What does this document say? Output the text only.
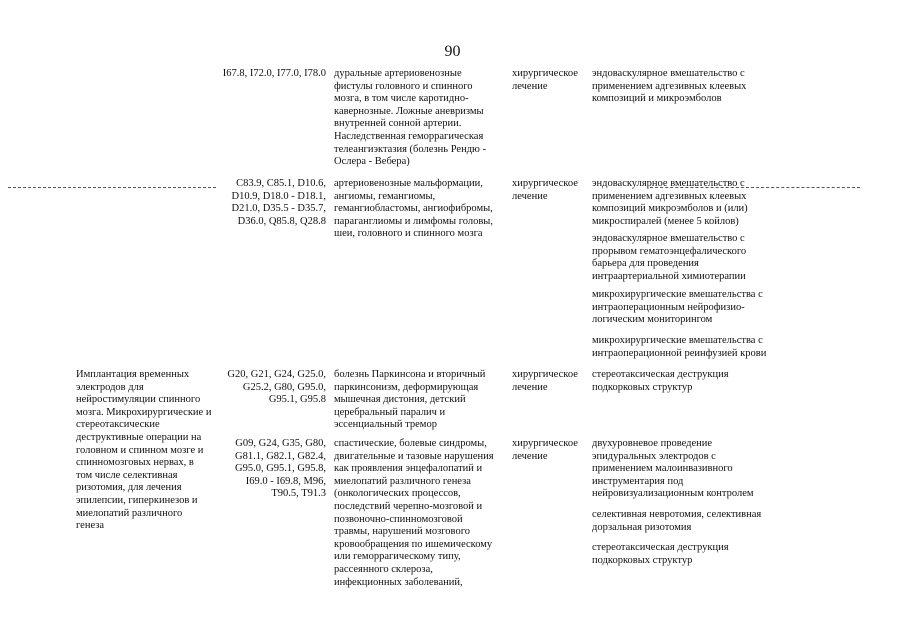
90
I67.8, I72.0, I77.0, I78.0 дуральные артериовенозные
фистулы головного и спинного
мозга, в том числе каротидно-
кавернозные. Ложные аневризмы
внутренней сонной артерии.
Наследственная геморрагическая
телеангиэктазия (болезнь Рендю -
Ослера - Вебера)
хирургическое
лечение
эндоваскулярное вмешательство с
применением адгезивных клеевых
композиций и микроэмболов
C83.9, C85.1, D10.6,
D10.9, D18.0 - D18.1,
D21.0, D35.5 - D35.7,
D36.0, Q85.8, Q28.8
артериовенозные мальформации,
ангиомы, гемангиомы,
гемангиобластомы, ангиофибромы,
параганглиомы и лимфомы головы,
шеи, головного и спинного мозга
хирургическое
лечение
эндоваскулярное вмешательство с
применением адгезивных клеевых
композиций микроэмболов и (или)
микроспиралей (менее 5 койлов)
эндоваскулярное вмешательство с
прорывом гематоэнцефалического
барьера для проведения
интраартериальной химиотерапии
микрохирургические вмешательства с
интраоперационным нейрофизио-
логическим мониторингом
микрохирургические вмешательства с
интраоперационной реинфузией крови
Имплантация временных
электродов для
нейростимуляции спинного
мозга. Микрохирургические и
стереотаксические
деструктивные операции на
головном и спинном мозге и
спинномозговых нервах, в
том числе селективная
ризотомия, для лечения
эпилепсии, гиперкинезов и
миелопатий различного
генеза
G20, G21, G24, G25.0,
G25.2, G80, G95.0,
G95.1, G95.8
болезнь Паркинсона и вторичный
паркинсонизм, деформирующая
мышечная дистония, детский
церебральный паралич и
эссенциальный тремор
хирургическое
лечение
стереотаксическая деструкция
подкорковых структур
G09, G24, G35, G80,
G81.1, G82.1, G82.4,
G95.0, G95.1, G95.8,
I69.0 - I69.8, M96,
T90.5, T91.3
спастические, болевые синдромы,
двигательные и тазовые нарушения
как проявления энцефалопатий и
миелопатий различного генеза
(онкологических процессов,
последствий черепно-мозговой и
позвоночно-спинномозговой
травмы, нарушений мозгового
кровообращения по ишемическому
или геморрагическому типу,
рассеянного склероза,
инфекционных заболеваний,
хирургическое
лечение
двухуровневое проведение
эпидуральных электродов с
применением малоинвазивного
инструментария под
нейровизуализационным контролем
селективная невротомия, селективная
дорзальная ризотомия
стереотаксическая деструкция
подкорковых структур
